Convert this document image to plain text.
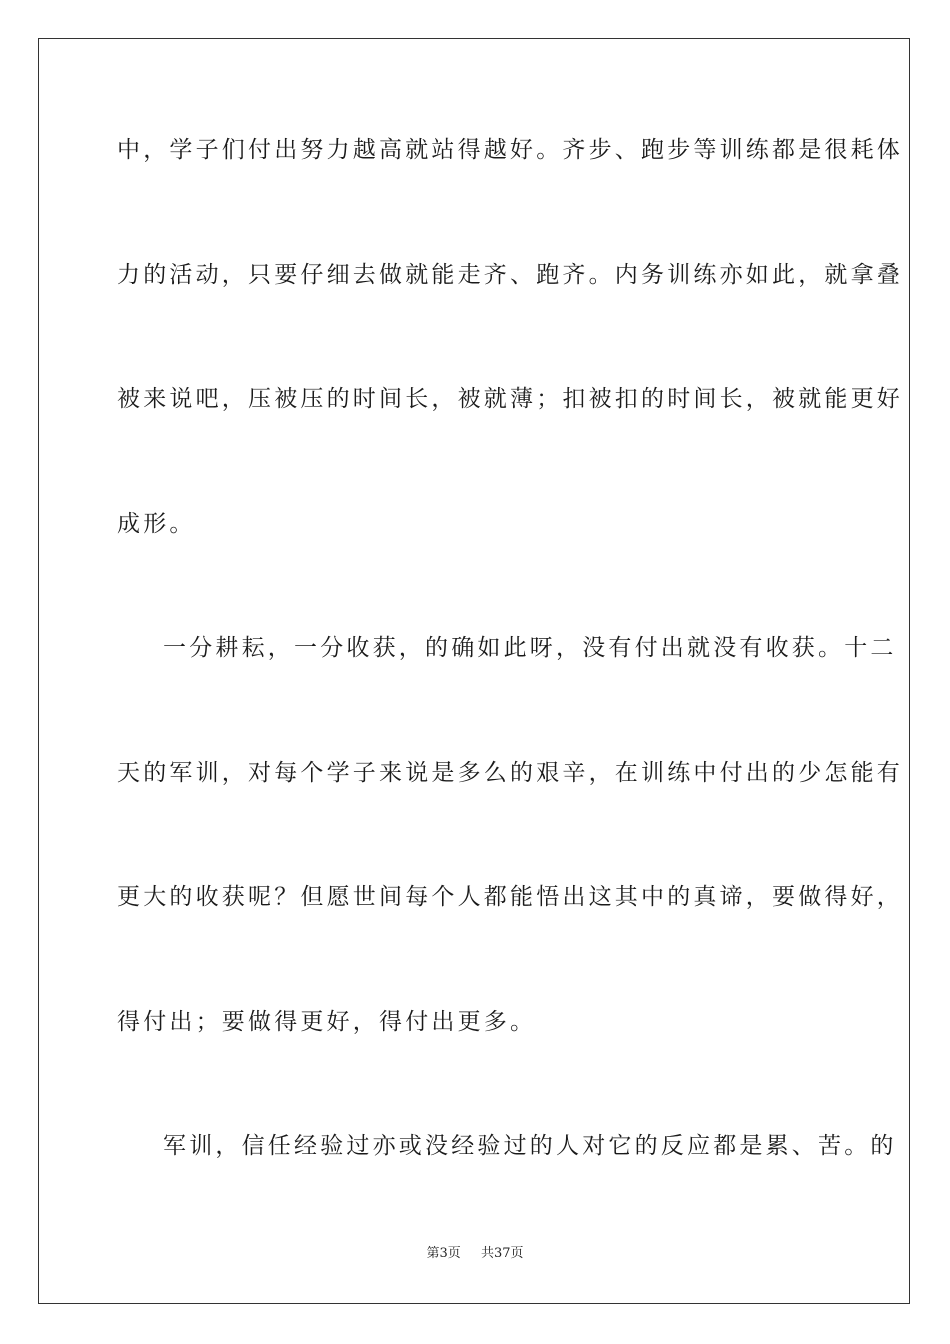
中，学子们付出努力越高就站得越好。齐步、跑步等训练都是很耗体
力的活动，只要仔细去做就能走齐、跑齐。内务训练亦如此，就拿叠
被来说吧，压被压的时间长，被就薄；扣被扣的时间长，被就能更好
成形。
一分耕耘，一分收获，的确如此呀，没有付出就没有收获。十二
天的军训，对每个学子来说是多么的艰辛，在训练中付出的少怎能有
更大的收获呢？但愿世间每个人都能悟出这其中的真谛，要做得好，
得付出；要做得更好，得付出更多。
军训，信任经验过亦或没经验过的人对它的反应都是累、苦。的
第3页 共37页
